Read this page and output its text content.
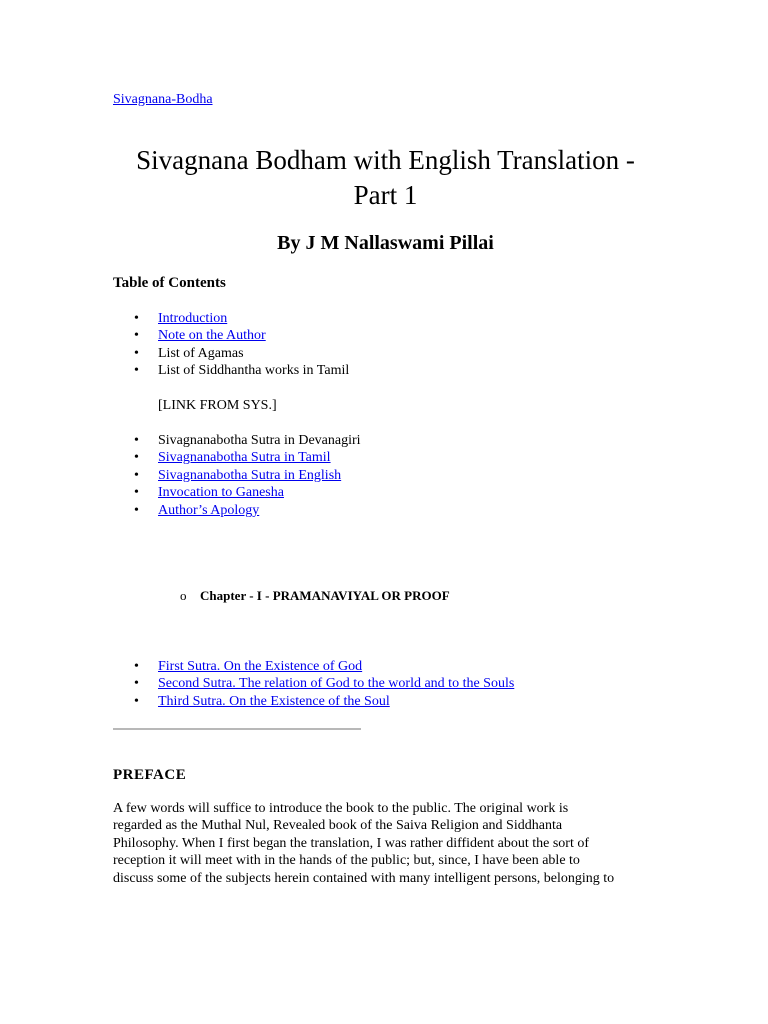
Sivagnana-Bodha
Sivagnana Bodham with English Translation - Part 1
By J M Nallaswami Pillai
Table of Contents
• Introduction
• Note on the Author
• List of Agamas
• List of Siddhantha works in Tamil
[LINK FROM SYS.]
• Sivagnanabotha Sutra in Devanagiri
• Sivagnanabotha Sutra in Tamil
• Sivagnanabotha Sutra in English
• Invocation to Ganesha
• Author’s Apology
o Chapter - I - PRAMANAVIYAL OR PROOF
• First Sutra. On the Existence of God
• Second Sutra. The relation of God to the world and to the Souls
• Third Sutra. On the Existence of the Soul
PREFACE
A few words will suffice to introduce the book to the public. The original work is
regarded as the Muthal Nul, Revealed book of the Saiva Religion and Siddhanta
Philosophy. When I first began the translation, I was rather diffident about the sort of
reception it will meet with in the hands of the public; but, since, I have been able to
discuss some of the subjects herein contained with many intelligent persons, belonging to
